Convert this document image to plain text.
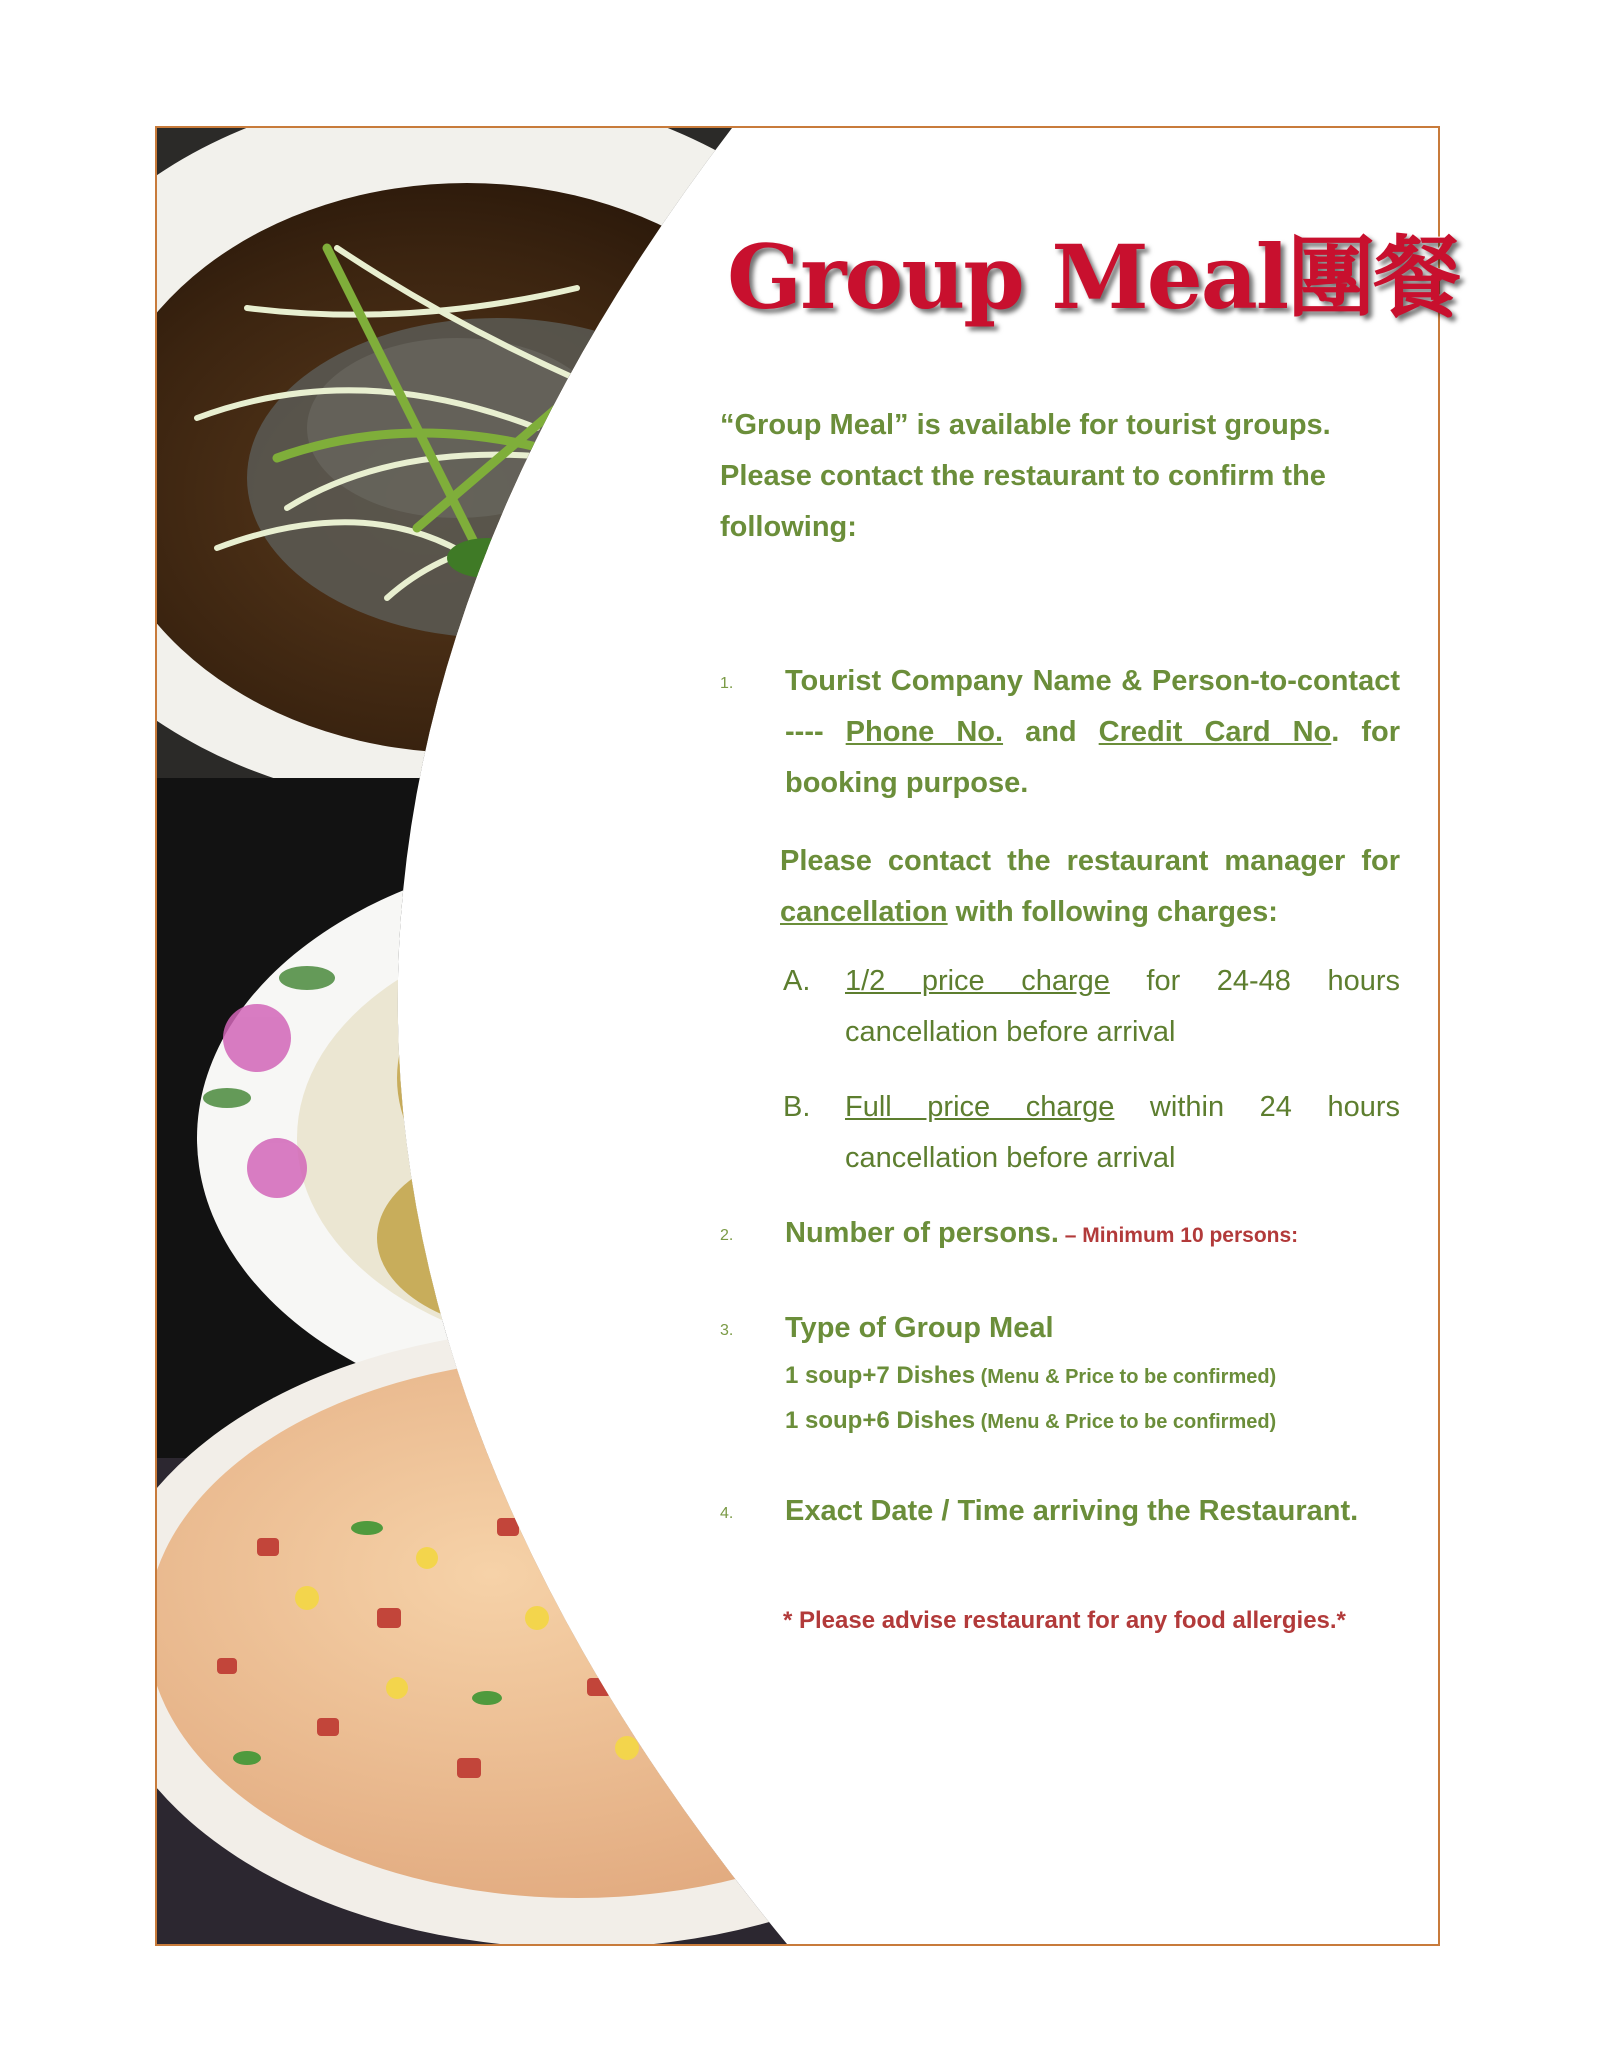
Group Meal團餐

“Group Meal” is available for tourist groups. Please contact the restaurant to confirm the following:

1. Tourist Company Name & Person-to-contact ---- Phone No. and Credit Card No. for booking purpose.
Please contact the restaurant manager for cancellation with following charges:
A. 1/2 price charge for 24-48 hours cancellation before arrival
B. Full price charge within 24 hours cancellation before arrival
2. Number of persons. – Minimum 10 persons:
3. Type of Group Meal
1 soup+7 Dishes (Menu & Price to be confirmed)
1 soup+6 Dishes (Menu & Price to be confirmed)
4. Exact Date / Time arriving the Restaurant.
* Please advise restaurant for any food allergies.*
